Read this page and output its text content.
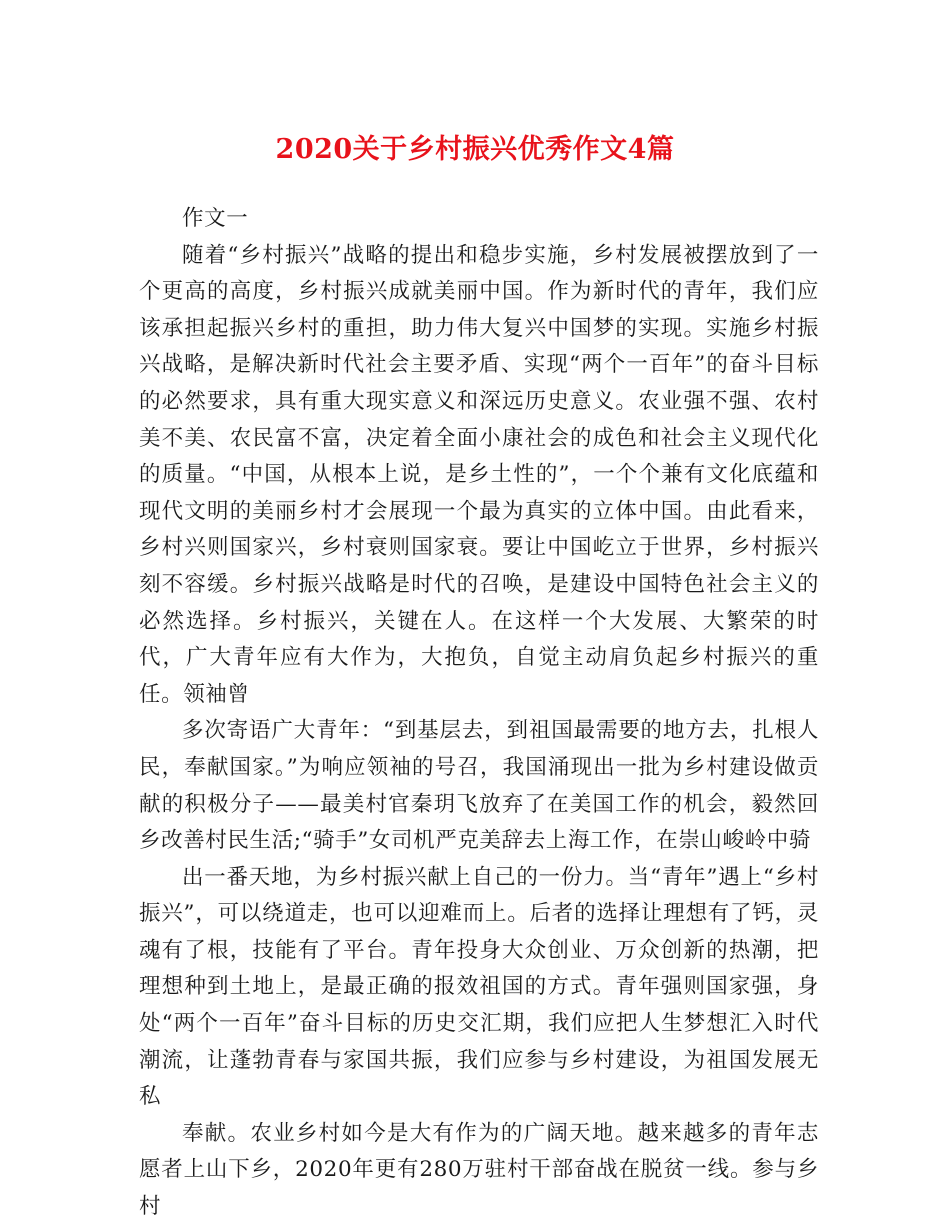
2020关于乡村振兴优秀作文4篇

作文一

随着“乡村振兴”战略的提出和稳步实施，乡村发展被摆放到了一个更高的高度，乡村振兴成就美丽中国。作为新时代的青年，我们应该承担起振兴乡村的重担，助力伟大复兴中国梦的实现。实施乡村振兴战略，是解决新时代社会主要矛盾、实现“两个一百年”的奋斗目标的必然要求，具有重大现实意义和深远历史意义。农业强不强、农村美不美、农民富不富，决定着全面小康社会的成色和社会主义现代化的质量。“中国，从根本上说，是乡土性的”，一个个兼有文化底蕴和现代文明的美丽乡村才会展现一个最为真实的立体中国。由此看来，乡村兴则国家兴，乡村衰则国家衰。要让中国屹立于世界，乡村振兴刻不容缓。乡村振兴战略是时代的召唤，是建设中国特色社会主义的必然选择。乡村振兴，关键在人。在这样一个大发展、大繁荣的时代，广大青年应有大作为，大抱负，自觉主动肩负起乡村振兴的重任。领袖曾

多次寄语广大青年：“到基层去，到祖国最需要的地方去，扎根人民，奉献国家。”为响应领袖的号召，我国涌现出一批为乡村建设做贡献的积极分子——最美村官秦玥飞放弃了在美国工作的机会，毅然回乡改善村民生活;“骑手”女司机严克美辞去上海工作，在崇山峻岭中骑

出一番天地，为乡村振兴献上自己的一份力。当“青年”遇上“乡村振兴”，可以绕道走，也可以迎难而上。后者的选择让理想有了钙，灵魂有了根，技能有了平台。青年投身大众创业、万众创新的热潮，把理想种到土地上，是最正确的报效祖国的方式。青年强则国家强，身处“两个一百年”奋斗目标的历史交汇期，我们应把人生梦想汇入时代潮流，让蓬勃青春与家国共振，我们应参与乡村建设，为祖国发展无私

奉献。农业乡村如今是大有作为的广阔天地。越来越多的青年志愿者上山下乡，2020年更有280万驻村干部奋战在脱贫一线。参与乡村
